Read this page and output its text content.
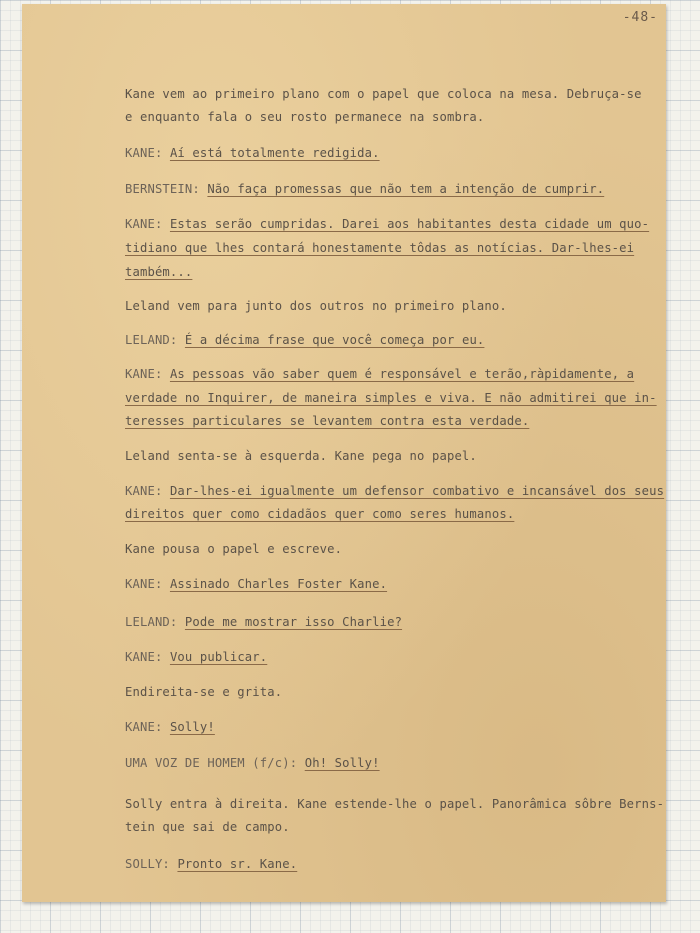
-48-
Kane vem ao primeiro plano com o papel que coloca na mesa. Debruça-se
e enquanto fala o seu rosto permanece na sombra.
KANE: Aí está totalmente redigida.
BERNSTEIN: Não faça promessas que não tem a intenção de cumprir.
KANE: Estas serão cumpridas. Darei aos habitantes desta cidade um quo-
tidiano que lhes contará honestamente tôdas as notícias. Dar-lhes-ei
também...
Leland vem para junto dos outros no primeiro plano.
LELAND: É a décima frase que você começa por eu.
KANE: As pessoas vão saber quem é responsável e terão,ràpidamente, a
verdade no Inquirer, de maneira simples e viva. E não admitirei que in-
teresses particulares se levantem contra esta verdade.
Leland senta-se à esquerda. Kane pega no papel.
KANE: Dar-lhes-ei igualmente um defensor combativo e incansável dos seus
direitos quer como cidadãos quer como seres humanos.
Kane pousa o papel e escreve.
KANE: Assinado Charles Foster Kane.
LELAND: Pode me mostrar isso Charlie?
KANE: Vou publicar.
Endireita-se e grita.
KANE: Solly!
UMA VOZ DE HOMEM (f/c): Oh! Solly!
Solly entra à direita. Kane estende-lhe o papel. Panorâmica sôbre Berns-
tein que sai de campo.
SOLLY: Pronto sr. Kane.
